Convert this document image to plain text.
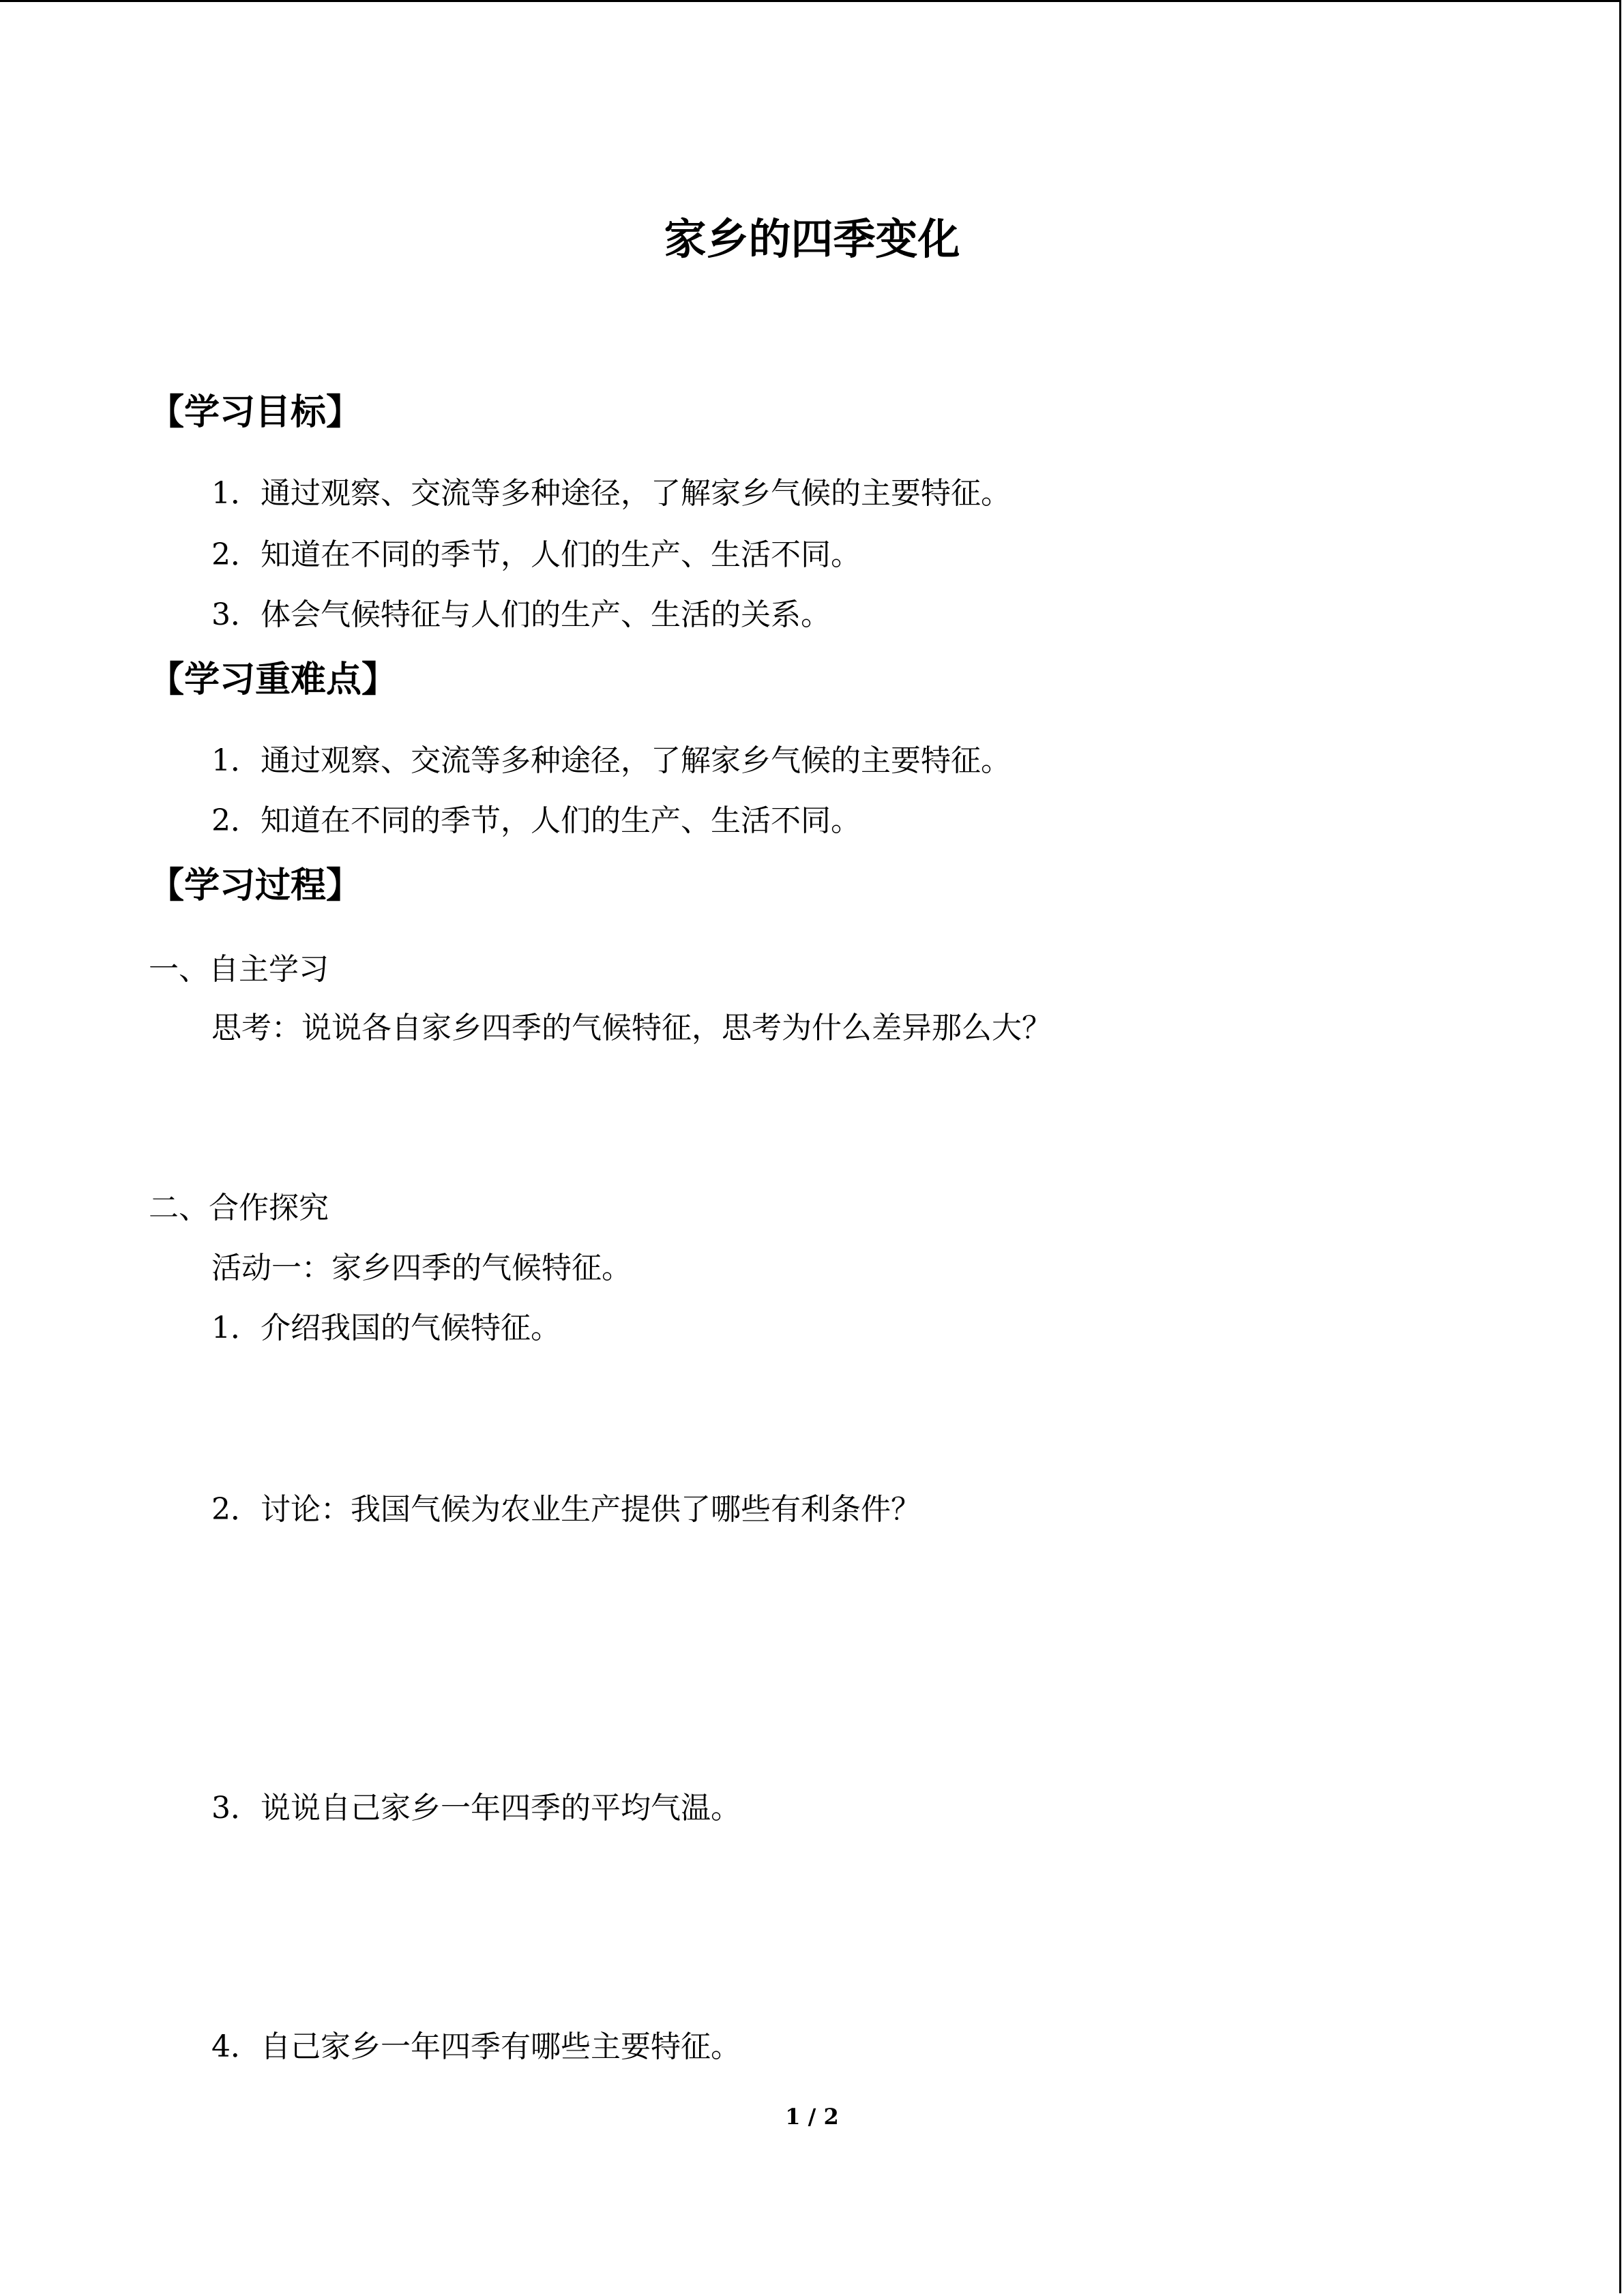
家乡的四季变化
【学习目标】
1．通过观察、交流等多种途径，了解家乡气候的主要特征。
2．知道在不同的季节，人们的生产、生活不同。
3．体会气候特征与人们的生产、生活的关系。
【学习重难点】
1．通过观察、交流等多种途径，了解家乡气候的主要特征。
2．知道在不同的季节，人们的生产、生活不同。
【学习过程】
一、自主学习
思考：说说各自家乡四季的气候特征，思考为什么差异那么大？
二、合作探究
活动一：家乡四季的气候特征。
1．介绍我国的气候特征。
2．讨论：我国气候为农业生产提供了哪些有利条件？
3．说说自己家乡一年四季的平均气温。
4．自己家乡一年四季有哪些主要特征。
1 / 2
